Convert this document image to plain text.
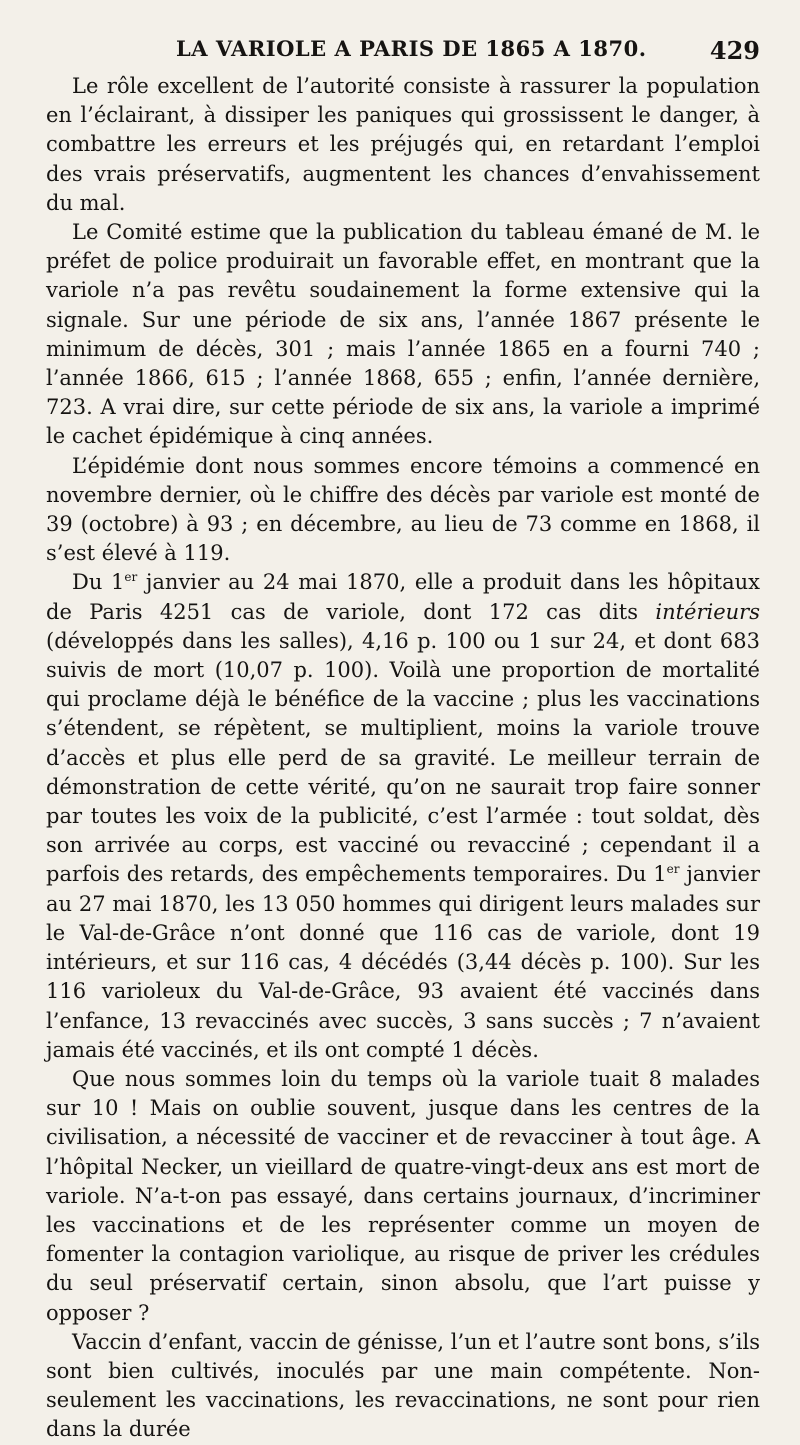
LA VARIOLE A PARIS DE 1865 A 1870.	429

Le rôle excellent de l’autorité consiste à rassurer la population en l’éclairant, à dissiper les paniques qui grossissent le danger, à combattre les erreurs et les préjugés qui, en retardant l’emploi des vrais préservatifs, augmentent les chances d’envahissement du mal.

Le Comité estime que la publication du tableau émané de M. le préfet de police produirait un favorable effet, en montrant que la variole n’a pas revêtu soudainement la forme extensive qui la signale. Sur une période de six ans, l’année 1867 présente le minimum de décès, 301 ; mais l’année 1865 en a fourni 740 ; l’année 1866, 615 ; l’année 1868, 655 ; enfin, l’année dernière, 723. A vrai dire, sur cette période de six ans, la variole a imprimé le cachet épidémique à cinq années.

L’épidémie dont nous sommes encore témoins a commencé en novembre dernier, où le chiffre des décès par variole est monté de 39 (octobre) à 93 ; en décembre, au lieu de 73 comme en 1868, il s’est élevé à 119.

Du 1er janvier au 24 mai 1870, elle a produit dans les hôpitaux de Paris 4251 cas de variole, dont 172 cas dits intérieurs (développés dans les salles), 4,16 p. 100 ou 1 sur 24, et dont 683 suivis de mort (10,07 p. 100). Voilà une proportion de mortalité qui proclame déjà le bénéfice de la vaccine ; plus les vaccinations s’étendent, se répètent, se multiplient, moins la variole trouve d’accès et plus elle perd de sa gravité. Le meilleur terrain de démonstration de cette vérité, qu’on ne saurait trop faire sonner par toutes les voix de la publicité, c’est l’armée : tout soldat, dès son arrivée au corps, est vacciné ou revacciné ; cependant il a parfois des retards, des empêchements temporaires. Du 1er janvier au 27 mai 1870, les 13 050 hommes qui dirigent leurs malades sur le Val-de-Grâce n’ont donné que 116 cas de variole, dont 19 intérieurs, et sur 116 cas, 4 décédés (3,44 décès p. 100). Sur les 116 varioleux du Val-de-Grâce, 93 avaient été vaccinés dans l’enfance, 13 revaccinés avec succès, 3 sans succès ; 7 n’avaient jamais été vaccinés, et ils ont compté 1 décès.

Que nous sommes loin du temps où la variole tuait 8 malades sur 10 ! Mais on oublie souvent, jusque dans les centres de la civilisation, a nécessité de vacciner et de revacciner à tout âge. A l’hôpital Necker, un vieillard de quatre-vingt-deux ans est mort de variole. N’a-t-on pas essayé, dans certains journaux, d’incriminer les vaccinations et de les représenter comme un moyen de fomenter la contagion variolique, au risque de priver les crédules du seul préservatif certain, sinon absolu, que l’art puisse y opposer ?

Vaccin d’enfant, vaccin de génisse, l’un et l’autre sont bons, s’ils sont bien cultivés, inoculés par une main compétente. Non-seulement les vaccinations, les revaccinations, ne sont pour rien dans la durée
